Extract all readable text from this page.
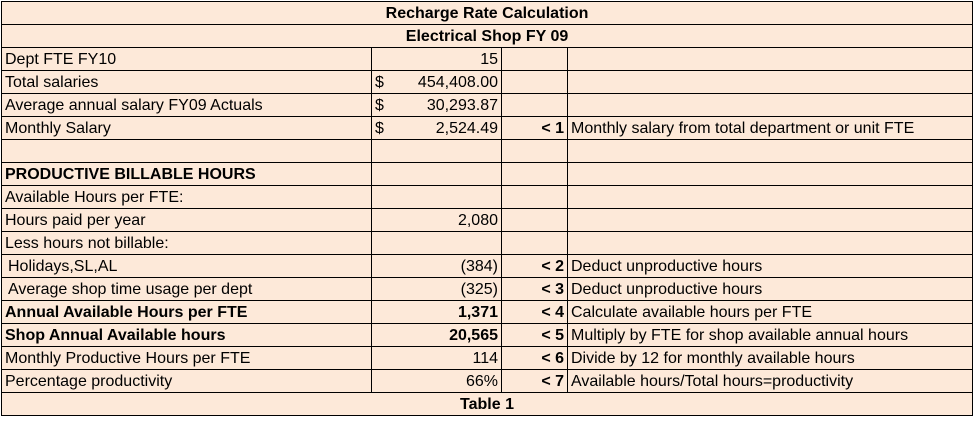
Recharge Rate Calculation			
Electrical Shop FY 09			
Dept FTE FY10	15		
Total salaries	$ 454,408.00		

Average annual salary FY09 Actuals	$ 30,293.87		

Monthly Salary	$ 2,524.49	< 1	Monthly salary from total department or unit FTE

PRODUCTIVE BILLABLE HOURS			
Available Hours per FTE:			
Hours paid per year	2,080		
Less hours not billable:			
Holidays,SL,AL	(384)	< 2	Deduct unproductive hours
Average shop time usage per dept	(325)	< 3	Deduct unproductive hours
Annual Available Hours per FTE	1,371	< 4	Calculate available hours per FTE
Shop Annual Available hours	20,565	< 5	Multiply by FTE for shop available annual hours
Monthly Productive Hours per FTE	114	< 6	Divide by 12 for monthly available hours
Percentage productivity	66%	< 7	Available hours/Total hours=productivity
Table 1			
